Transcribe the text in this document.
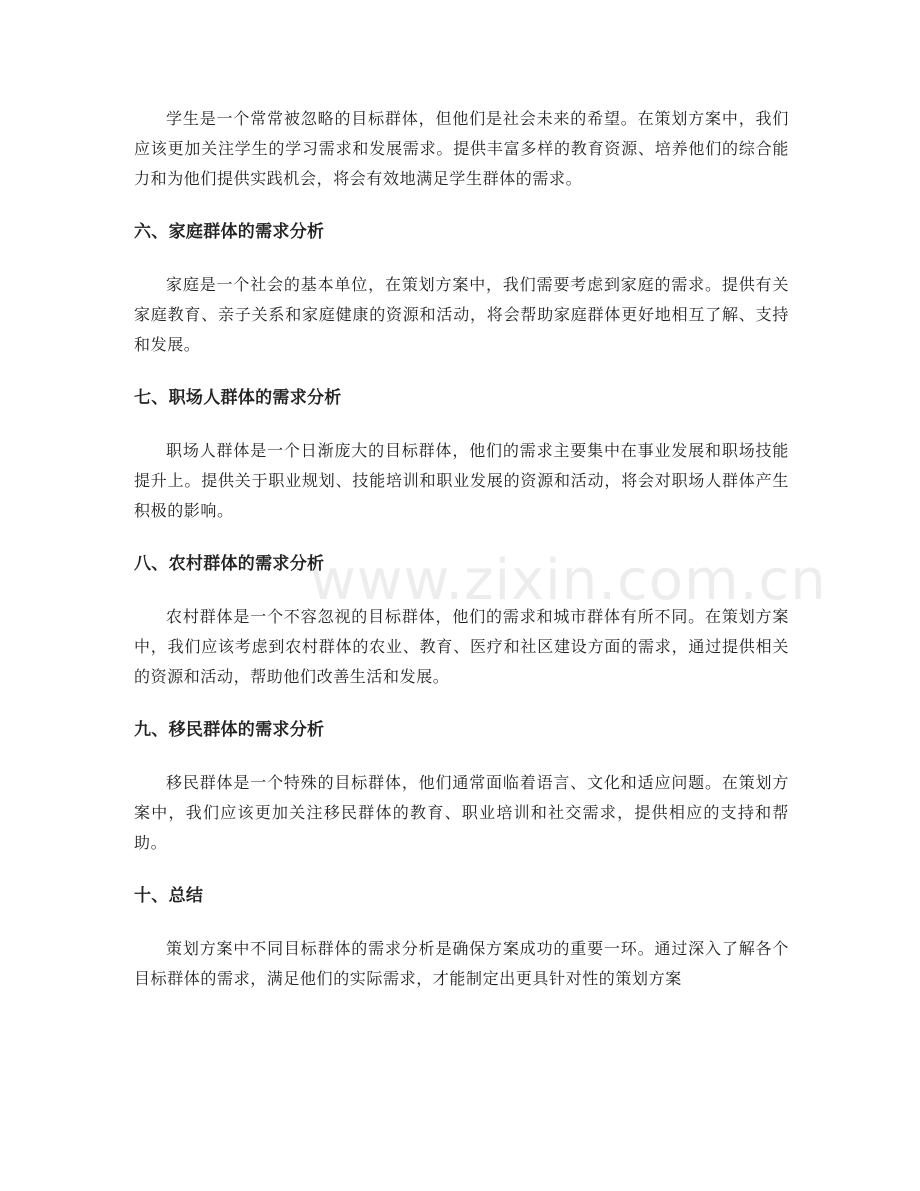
学生是一个常常被忽略的目标群体，但他们是社会未来的希望。在策划方案中，我们应该更加关注学生的学习需求和发展需求。提供丰富多样的教育资源、培养他们的综合能力和为他们提供实践机会，将会有效地满足学生群体的需求。

六、家庭群体的需求分析

家庭是一个社会的基本单位，在策划方案中，我们需要考虑到家庭的需求。提供有关家庭教育、亲子关系和家庭健康的资源和活动，将会帮助家庭群体更好地相互了解、支持和发展。

七、职场人群体的需求分析

职场人群体是一个日渐庞大的目标群体，他们的需求主要集中在事业发展和职场技能提升上。提供关于职业规划、技能培训和职业发展的资源和活动，将会对职场人群体产生积极的影响。

八、农村群体的需求分析

农村群体是一个不容忽视的目标群体，他们的需求和城市群体有所不同。在策划方案中，我们应该考虑到农村群体的农业、教育、医疗和社区建设方面的需求，通过提供相关的资源和活动，帮助他们改善生活和发展。

九、移民群体的需求分析

移民群体是一个特殊的目标群体，他们通常面临着语言、文化和适应问题。在策划方案中，我们应该更加关注移民群体的教育、职业培训和社交需求，提供相应的支持和帮助。

十、总结

策划方案中不同目标群体的需求分析是确保方案成功的重要一环。通过深入了解各个目标群体的需求，满足他们的实际需求，才能制定出更具针对性的策划方案

www.zixin.com.cn
